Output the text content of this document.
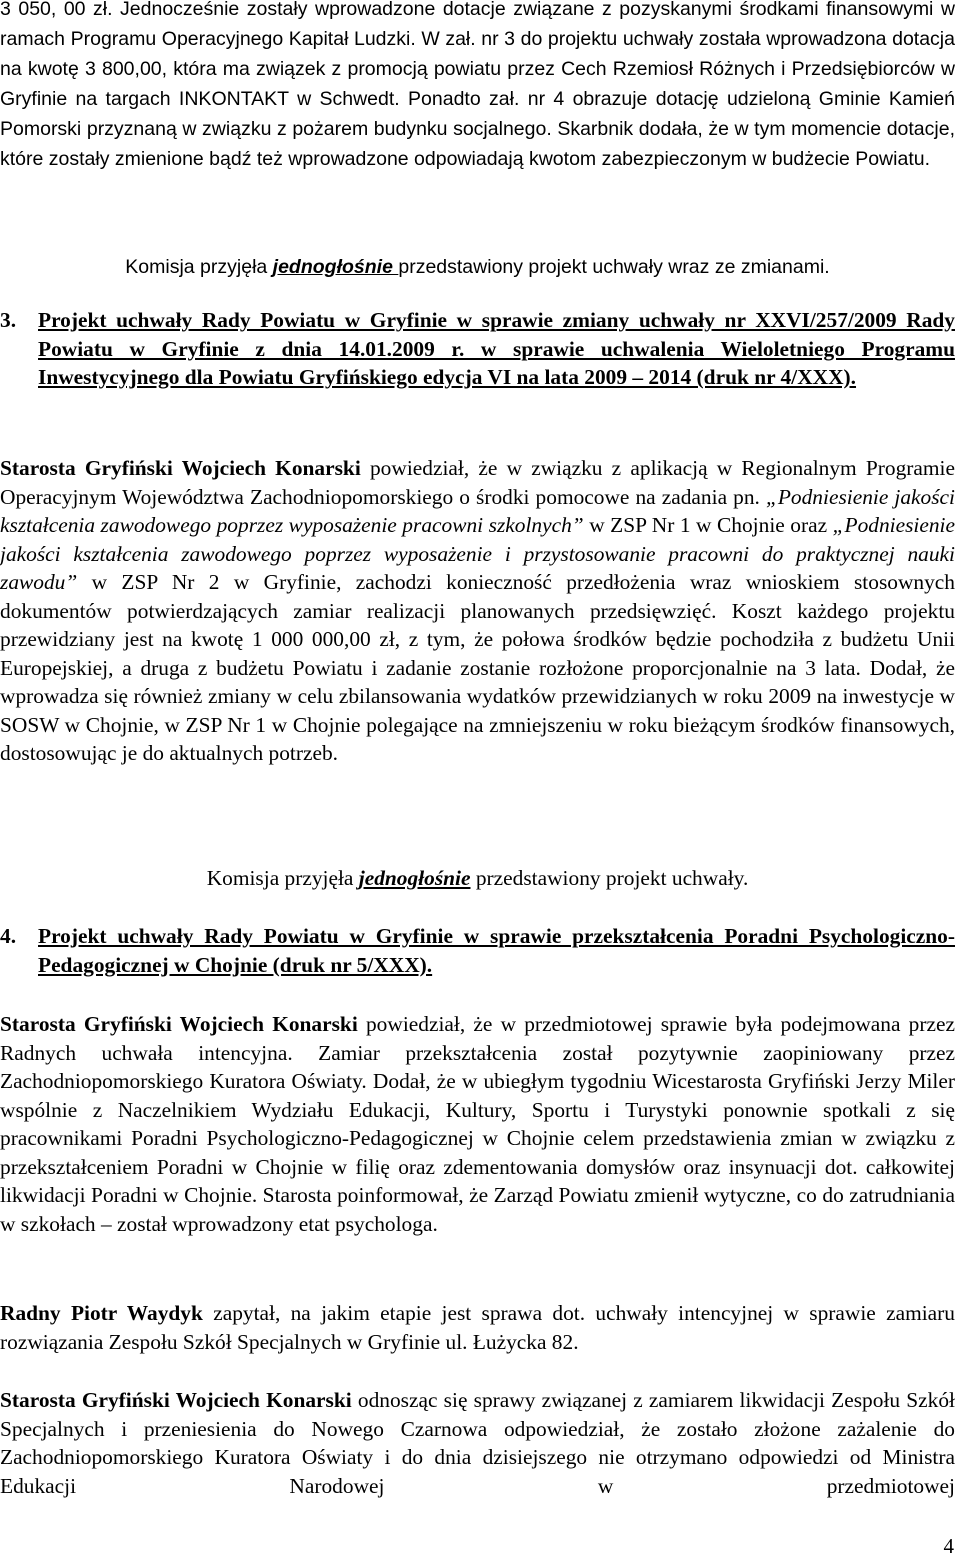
3 050, 00 zł. Jednocześnie zostały wprowadzone dotacje związane z pozyskanymi środkami finansowymi w ramach Programu Operacyjnego Kapitał Ludzki. W zał. nr 3 do projektu uchwały została wprowadzona dotacja na kwotę 3 800,00, która ma związek z promocją powiatu przez Cech Rzemiosł Różnych i Przedsiębiorców w Gryfinie na targach INKONTAKT w Schwedt. Ponadto zał. nr 4 obrazuje dotację udzieloną Gminie Kamień Pomorski przyznaną w związku z pożarem budynku socjalnego. Skarbnik dodała, że w tym momencie dotacje, które zostały zmienione bądź też wprowadzone odpowiadają kwotom zabezpieczonym w budżecie Powiatu.

Komisja przyjęła jednogłośnie przedstawiony projekt uchwały wraz ze zmianami.

3. Projekt uchwały Rady Powiatu w Gryfinie w sprawie zmiany uchwały nr XXVI/257/2009 Rady Powiatu w Gryfinie z dnia 14.01.2009 r. w sprawie uchwalenia Wieloletniego Programu Inwestycyjnego dla Powiatu Gryfińskiego edycja VI na lata 2009 – 2014 (druk nr 4/XXX).

Starosta Gryfiński Wojciech Konarski powiedział, że w związku z aplikacją w Regionalnym Programie Operacyjnym Województwa Zachodniopomorskiego o środki pomocowe na zadania pn. „Podniesienie jakości kształcenia zawodowego poprzez wyposażenie pracowni szkolnych” w ZSP Nr 1 w Chojnie oraz „Podniesienie jakości kształcenia zawodowego poprzez wyposażenie i przystosowanie pracowni do praktycznej nauki zawodu” w ZSP Nr 2 w Gryfinie, zachodzi konieczność przedłożenia wraz wnioskiem stosownych dokumentów potwierdzających zamiar realizacji planowanych przedsięwzięć. Koszt każdego projektu przewidziany jest na kwotę 1 000 000,00 zł, z tym, że połowa środków będzie pochodziła z budżetu Unii Europejskiej, a druga z budżetu Powiatu i zadanie zostanie rozłożone proporcjonalnie na 3 lata. Dodał, że wprowadza się również zmiany w celu zbilansowania wydatków przewidzianych w roku 2009 na inwestycje w SOSW w Chojnie, w ZSP Nr 1 w Chojnie polegające na zmniejszeniu w roku bieżącym środków finansowych, dostosowując je do aktualnych potrzeb.

Komisja przyjęła jednogłośnie przedstawiony projekt uchwały.

4. Projekt uchwały Rady Powiatu w Gryfinie w sprawie przekształcenia Poradni Psychologiczno-Pedagogicznej w Chojnie (druk nr 5/XXX).

Starosta Gryfiński Wojciech Konarski powiedział, że w przedmiotowej sprawie była podejmowana przez Radnych uchwała intencyjna. Zamiar przekształcenia został pozytywnie zaopiniowany przez Zachodniopomorskiego Kuratora Oświaty. Dodał, że w ubiegłym tygodniu Wicestarosta Gryfiński Jerzy Miler wspólnie z Naczelnikiem Wydziału Edukacji, Kultury, Sportu i Turystyki ponownie spotkali z się pracownikami Poradni Psychologiczno-Pedagogicznej w Chojnie celem przedstawienia zmian w związku z przekształceniem Poradni w Chojnie w filię oraz zdementowania domysłów oraz insynuacji dot. całkowitej likwidacji Poradni w Chojnie. Starosta poinformował, że Zarząd Powiatu zmienił wytyczne, co do zatrudniania w szkołach – został wprowadzony etat psychologa.

Radny Piotr Waydyk zapytał, na jakim etapie jest sprawa dot. uchwały intencyjnej w sprawie zamiaru rozwiązania Zespołu Szkół Specjalnych w Gryfinie ul. Łużycka 82.

Starosta Gryfiński Wojciech Konarski odnosząc się sprawy związanej z zamiarem likwidacji Zespołu Szkół Specjalnych i przeniesienia do Nowego Czarnowa odpowiedział, że zostało złożone zażalenie do Zachodniopomorskiego Kuratora Oświaty i do dnia dzisiejszego nie otrzymano odpowiedzi od Ministra Edukacji Narodowej w przedmiotowej

4
